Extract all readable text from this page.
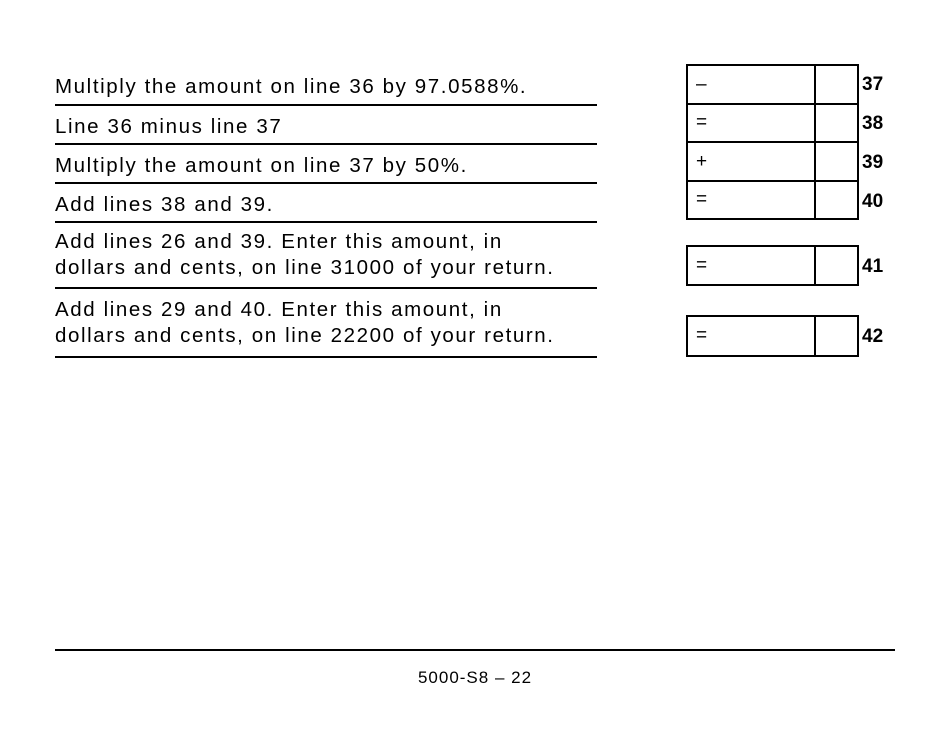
Multiply the amount on line 36 by 97.0588%.	–	37
Line 36 minus line 37	=	38
Multiply the amount on line 37 by 50%.	+	39
Add lines 38 and 39.	=	40
Add lines 26 and 39. Enter this amount, in
dollars and cents, on line 31000 of your return.	=	41
Add lines 29 and 40. Enter this amount, in
dollars and cents, on line 22200 of your return.	=	42
5000-S8 – 22
